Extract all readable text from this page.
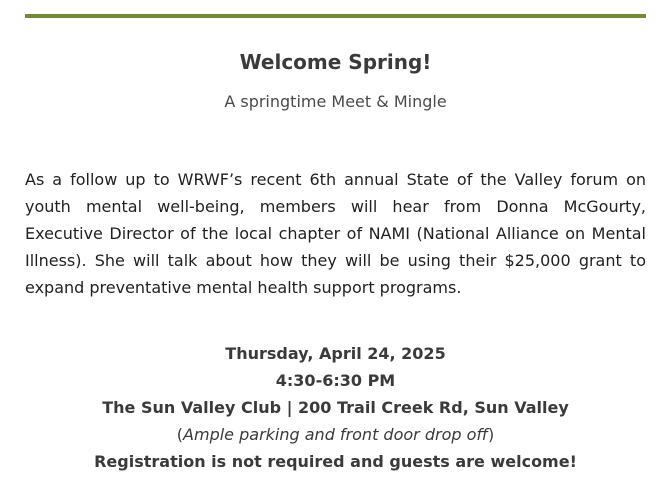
Welcome Spring!
A springtime Meet & Mingle

As a follow up to WRWF’s recent 6th annual State of the Valley forum on youth mental well-being, members will hear from Donna McGourty, Executive Director of the local chapter of NAMI (National Alliance on Mental Illness). She will talk about how they will be using their $25,000 grant to expand preventative mental health support programs.

Thursday, April 24, 2025
4:30-6:30 PM
The Sun Valley Club | 200 Trail Creek Rd, Sun Valley
(Ample parking and front door drop off)
Registration is not required and guests are welcome!
